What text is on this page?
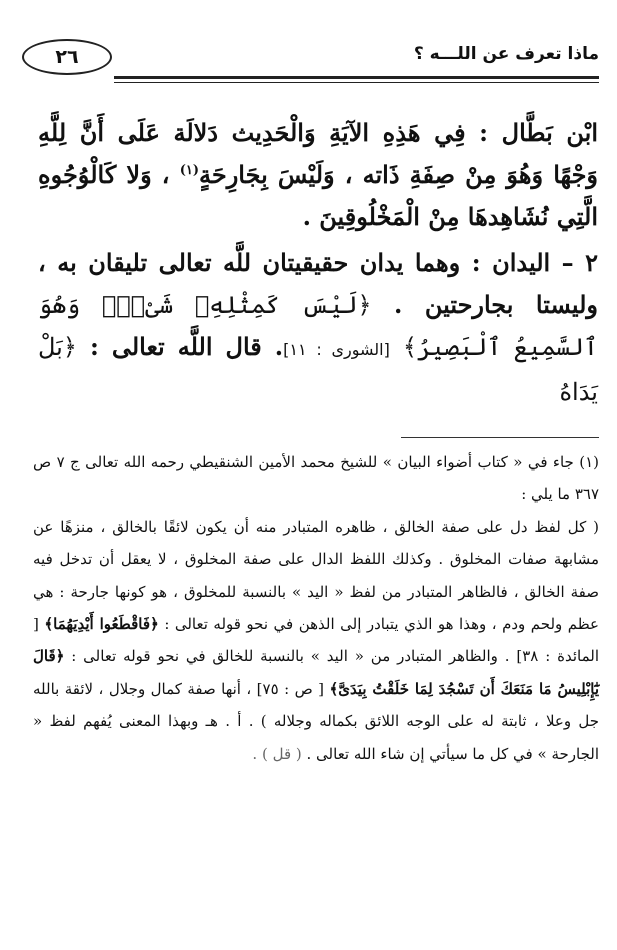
٢٦	ماذا تعرف عن اللـــه ؟

ابْن بَطَّال : فِي هَذِهِ الآيَةِ وَالْحَدِيث دَلالَة عَلَى أَنَّ لِلَّهِ وَجْهًا وَهُوَ مِنْ صِفَةِ ذَاته ، وَلَيْسَ بِجَارِحَةٍ$^{(١)}$ ، وَلا كَالْوُجُوهِ الَّتِي نُشَاهِدهَا مِنْ الْمَخْلُوقِينَ .

٢ – اليدان : وهما يدان حقيقيتان للَّه تعالى تليقان به ، وليستا بجارحتين . ﴿لَيْسَ كَمِثْلِهِۦ شَىْءٌۖ وَهُوَ ٱلسَّمِيعُ ٱلْبَصِيرُ﴾ [الشورى : ١١]. قال اللَّه تعالى : ﴿بَلْ يَدَاهُ

(١) جاء في « كتاب أضواء البيان » للشيخ محمد الأمين الشنقيطي رحمه الله تعالى ج ٧ ص ٣٦٧ ما يلي :

( كل لفظ دل على صفة الخالق ، ظاهره المتبادر منه أن يكون لائقًا بالخالق ، منزهًا عن مشابهة صفات المخلوق . وكذلك اللفظ الدال على صفة المخلوق ، لا يعقل أن تدخل فيه صفة الخالق ، فالظاهر المتبادر من لفظ « اليد » بالنسبة للمخلوق ، هو كونها جارحة : هي عظم ولحم ودم ، وهذا هو الذي يتبادر إلى الذهن في نحو قوله تعالى : ﴿فَاقْطَعُوا أَيْدِيَهُمَا﴾ [ المائدة : ٣٨] . والظاهر المتبادر من « اليد » بالنسبة للخالق في نحو قوله تعالى : ﴿قَالَ يَٰٓإِبْلِيسُ مَا مَنَعَكَ أَن تَسْجُدَ لِمَا خَلَقْتُ بِيَدَىَّ﴾ [ ص : ٧٥] ، أنها صفة كمال وجلال ، لائقة بالله جل وعلا ، ثابتة له على الوجه اللائق بكماله وجلاله ) . أ . هـ وبهذا المعنى يُفهم لفظ « الجارحة » في كل ما سيأتي إن شاء الله تعالى . ( قل ) .
